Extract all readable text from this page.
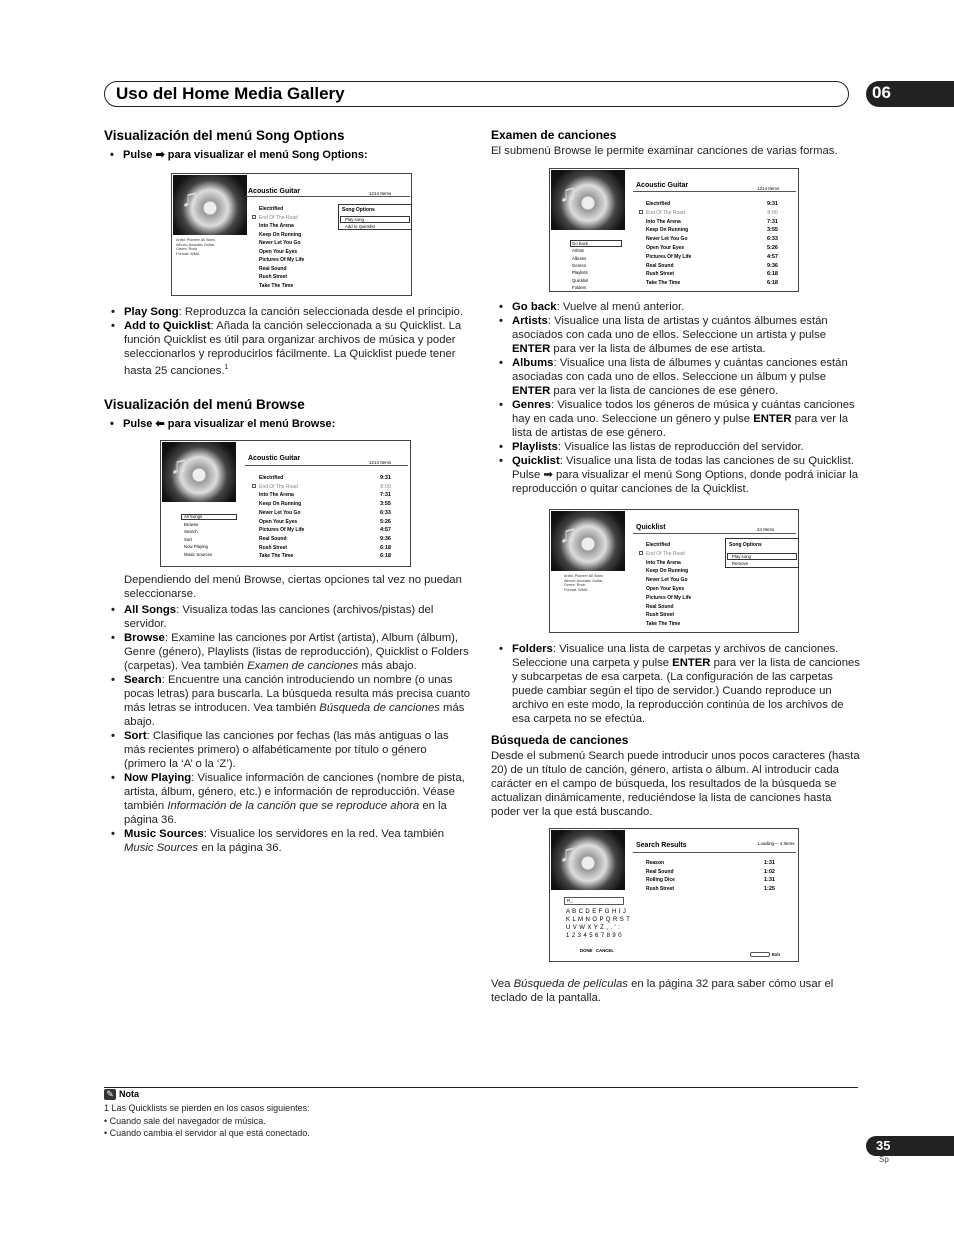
Uso del Home Media Gallery	06
Visualización del menú Song Options
•   Pulse ➡ para visualizar el menú Song Options:
♫
Artist: Pioneer All Stars
Album: Acoustic Guitar
Genre: Rock
Format: WMA
Acoustic Guitar	1214 Items
Electrified
End Of The Road
Into The Arena
Keep On Running
Never Let You Go
Open Your Eyes
Pictures Of My Life
Real Sound
Rush Street
Take The Time
Song Options
Play song
Add to Quicklist
• Play Song: Reproduzca la canción seleccionada desde el principio.
• Add to Quicklist: Añada la canción seleccionada a su Quicklist. La función Quicklist es útil para organizar archivos de música y poder seleccionarlos y reproducirlos fácilmente. La Quicklist puede tener hasta 25 canciones.$^1$
Visualización del menú Browse
•   Pulse ⬅ para visualizar el menú Browse:
♫	Acoustic Guitar
1214 Items
Electrified	9:31
End Of The Road	8:00
Into The Arena	7:31
Keep On Running	3:55
Never Let You Go	6:33
Open Your Eyes	5:26
Pictures Of My Life	4:57
Real Sound	9:36
Rush Street	6:18
Take The Time	6:18
All Songs
Browse
Search
Sort
Now Playing
Music Sources
Dependiendo del menú Browse, ciertas opciones tal vez no puedan seleccionarse.
• All Songs: Visualiza todas las canciones (archivos/pistas) del servidor.
• Browse: Examine las canciones por Artist (artista), Album (álbum), Genre (género), Playlists (listas de reproducción), Quicklist o Folders (carpetas). Vea también Examen de canciones más abajo.
• Search: Encuentre una canción introduciendo un nombre (o unas pocas letras) para buscarla. La búsqueda resulta más precisa cuanto más letras se introducen. Vea también Búsqueda de canciones más abajo.
• Sort: Clasifique las canciones por fechas (las más antiguas o las más recientes primero) o alfabéticamente por título o género (primero la ‘A’ o la ‘Z’).
• Now Playing: Visualice información de canciones (nombre de pista, artista, álbum, género, etc.) e información de reproducción. Véase también Información de la canción que se reproduce ahora en la página 36.
• Music Sources: Visualice los servidores en la red. Vea también Music Sources en la página 36.
Examen de canciones
El submenú Browse le permite examinar canciones de varias formas.
♫	Acoustic Guitar	1214 Items
Electrified	9:31
End Of The Road	8:00
Into The Arena	7:31
Keep On Running	3:55
Never Let You Go	6:33
Open Your Eyes	5:26
Pictures Of My Life	4:57
Real Sound	9:36
Rush Street	6:18
Take The Time	6:18
Go back
Artists
Albums
Genres
Playlists
Quicklist
Folders
• Go back: Vuelve al menú anterior.
• Artists: Visualice una lista de artistas y cuántos álbumes están asociados con cada uno de ellos. Seleccione un artista y pulse ENTER para ver la lista de álbumes de ese artista.
• Albums: Visualice una lista de álbumes y cuántas canciones están asociadas con cada uno de ellos. Seleccione un álbum y pulse ENTER para ver la lista de canciones de ese género.
• Genres: Visualice todos los géneros de música y cuántas canciones hay en cada uno. Seleccione un género y pulse ENTER para ver la lista de artistas de ese género.
• Playlists: Visualice las listas de reproducción del servidor.
• Quicklist: Visualice una lista de todas las canciones de su Quicklist. Pulse ➡ para visualizar el menú Song Options, donde podrá iniciar la reproducción o quitar canciones de la Quicklist.
♫
Artist: Pioneer All Stars
Album: Acoustic Guitar
Genre: Rock
Format: WMA
Quicklist	24 Items
Electrified
End Of The Road
Into The Arena
Keep On Running
Never Let You Go
Open Your Eyes
Pictures Of My Life
Real Sound
Rush Street
Take The Time
Song Options
Play song
Remove
• Folders: Visualice una lista de carpetas y archivos de canciones. Seleccione una carpeta y pulse ENTER para ver la lista de canciones y subcarpetas de esa carpeta. (La configuración de las carpetas puede cambiar según el tipo de servidor.) Cuando reproduce un archivo en este modo, la reproducción continúa de los archivos de esa carpeta no se efectúa.
Búsqueda de canciones
Desde el submenú Search puede introducir unos pocos caracteres (hasta 20) de un título de canción, género, artista o álbum. Al introducir cada carácter en el campo de búsqueda, los resultados de la búsqueda se actualizan dinámicamente, reduciéndose la lista de canciones hasta poder ver la que está buscando.
♫	Search Results	Loading--- 4 Items
Reason	1:31
Real Sound	1:02
Rolling Dice	1:31
Rush Street	1:25
R_
A B C D E F G H I J
K L M N O P Q R S T
U V W X Y Z , . ' :
1 2 3 4 5 6 7 8 9 0
DONE CANCEL
Exit
Vea Búsqueda de películas en la página 32 para saber cómo usar el teclado de la pantalla.
✎ Nota
1 Las Quicklists se pierden en los casos siguientes:
• Cuando sale del navegador de música.
• Cuando cambia el servidor al que está conectado.
35
Sp
